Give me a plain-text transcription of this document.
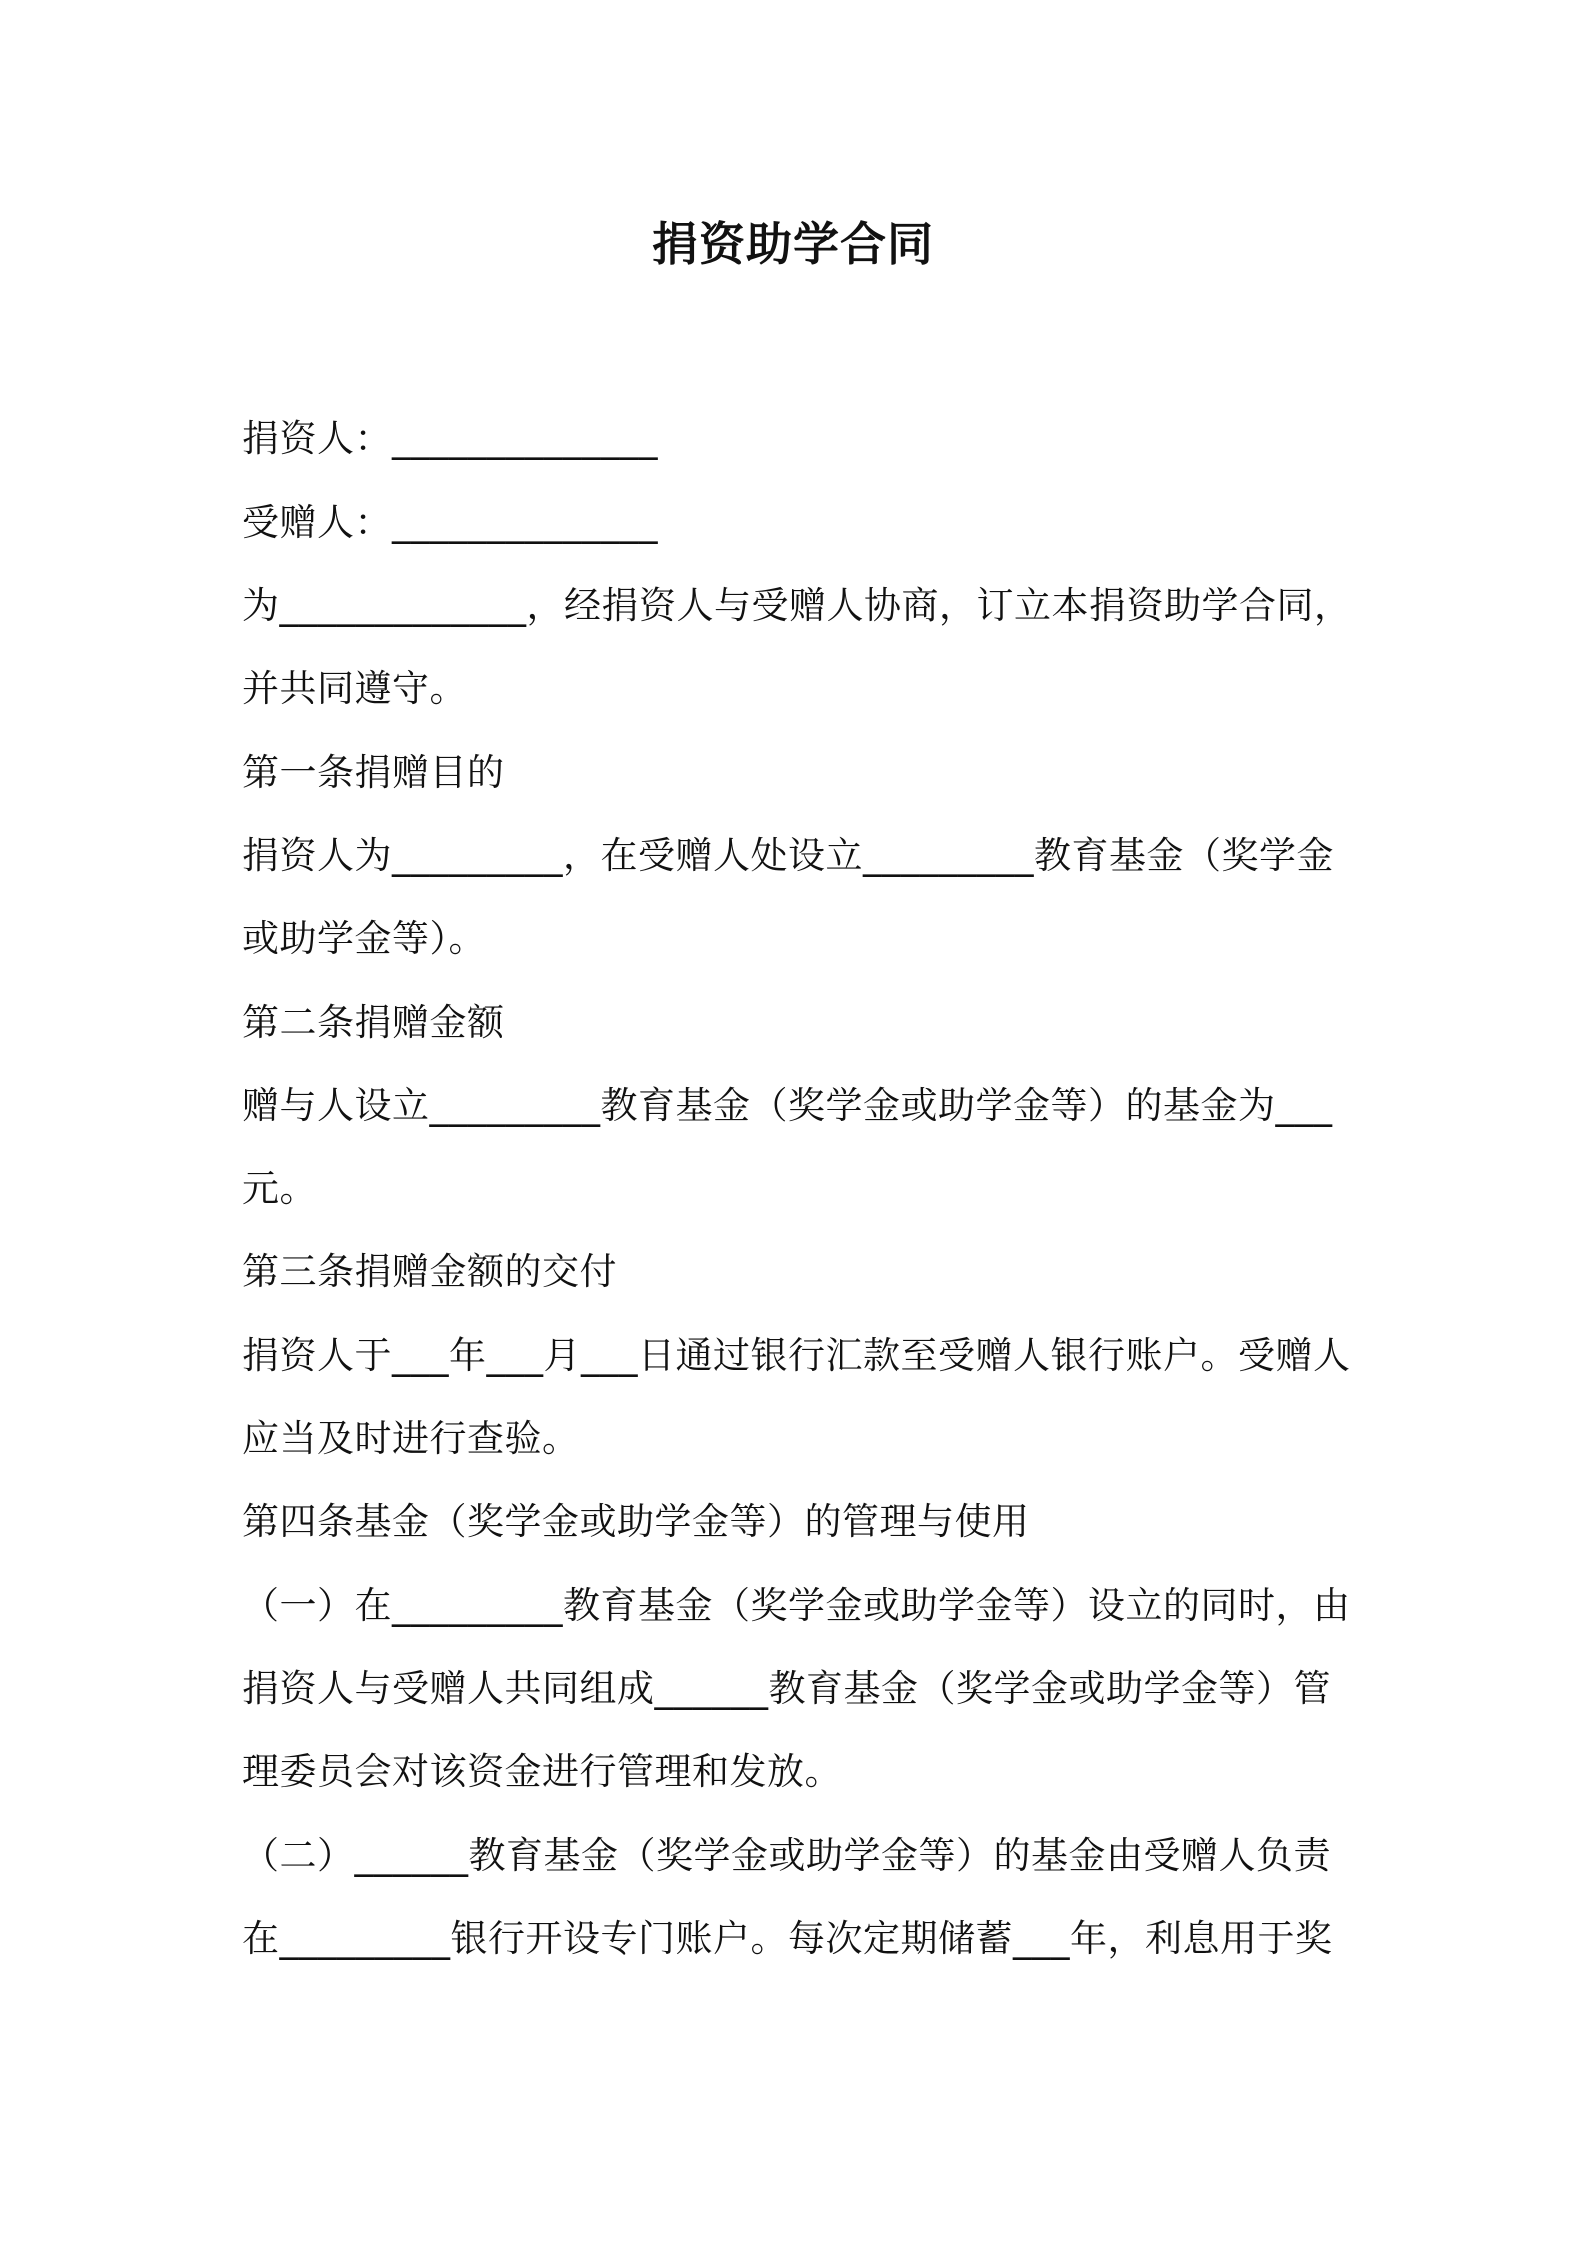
捐资助学合同
捐资人：______________
受赠人：______________
为_____________，经捐资人与受赠人协商，订立本捐资助学合同，
并共同遵守。
第一条捐赠目的
捐资人为_________，在受赠人处设立_________教育基金（奖学金
或助学金等）。
第二条捐赠金额
赠与人设立_________教育基金（奖学金或助学金等）的基金为___
元。
第三条捐赠金额的交付
捐资人于___年___月___日通过银行汇款至受赠人银行账户。受赠人
应当及时进行查验。
第四条基金（奖学金或助学金等）的管理与使用
（一）在_________教育基金（奖学金或助学金等）设立的同时，由
捐资人与受赠人共同组成______教育基金（奖学金或助学金等）管
理委员会对该资金进行管理和发放。
（二）______教育基金（奖学金或助学金等）的基金由受赠人负责
在_________银行开设专门账户。每次定期储蓄___年，利息用于奖
